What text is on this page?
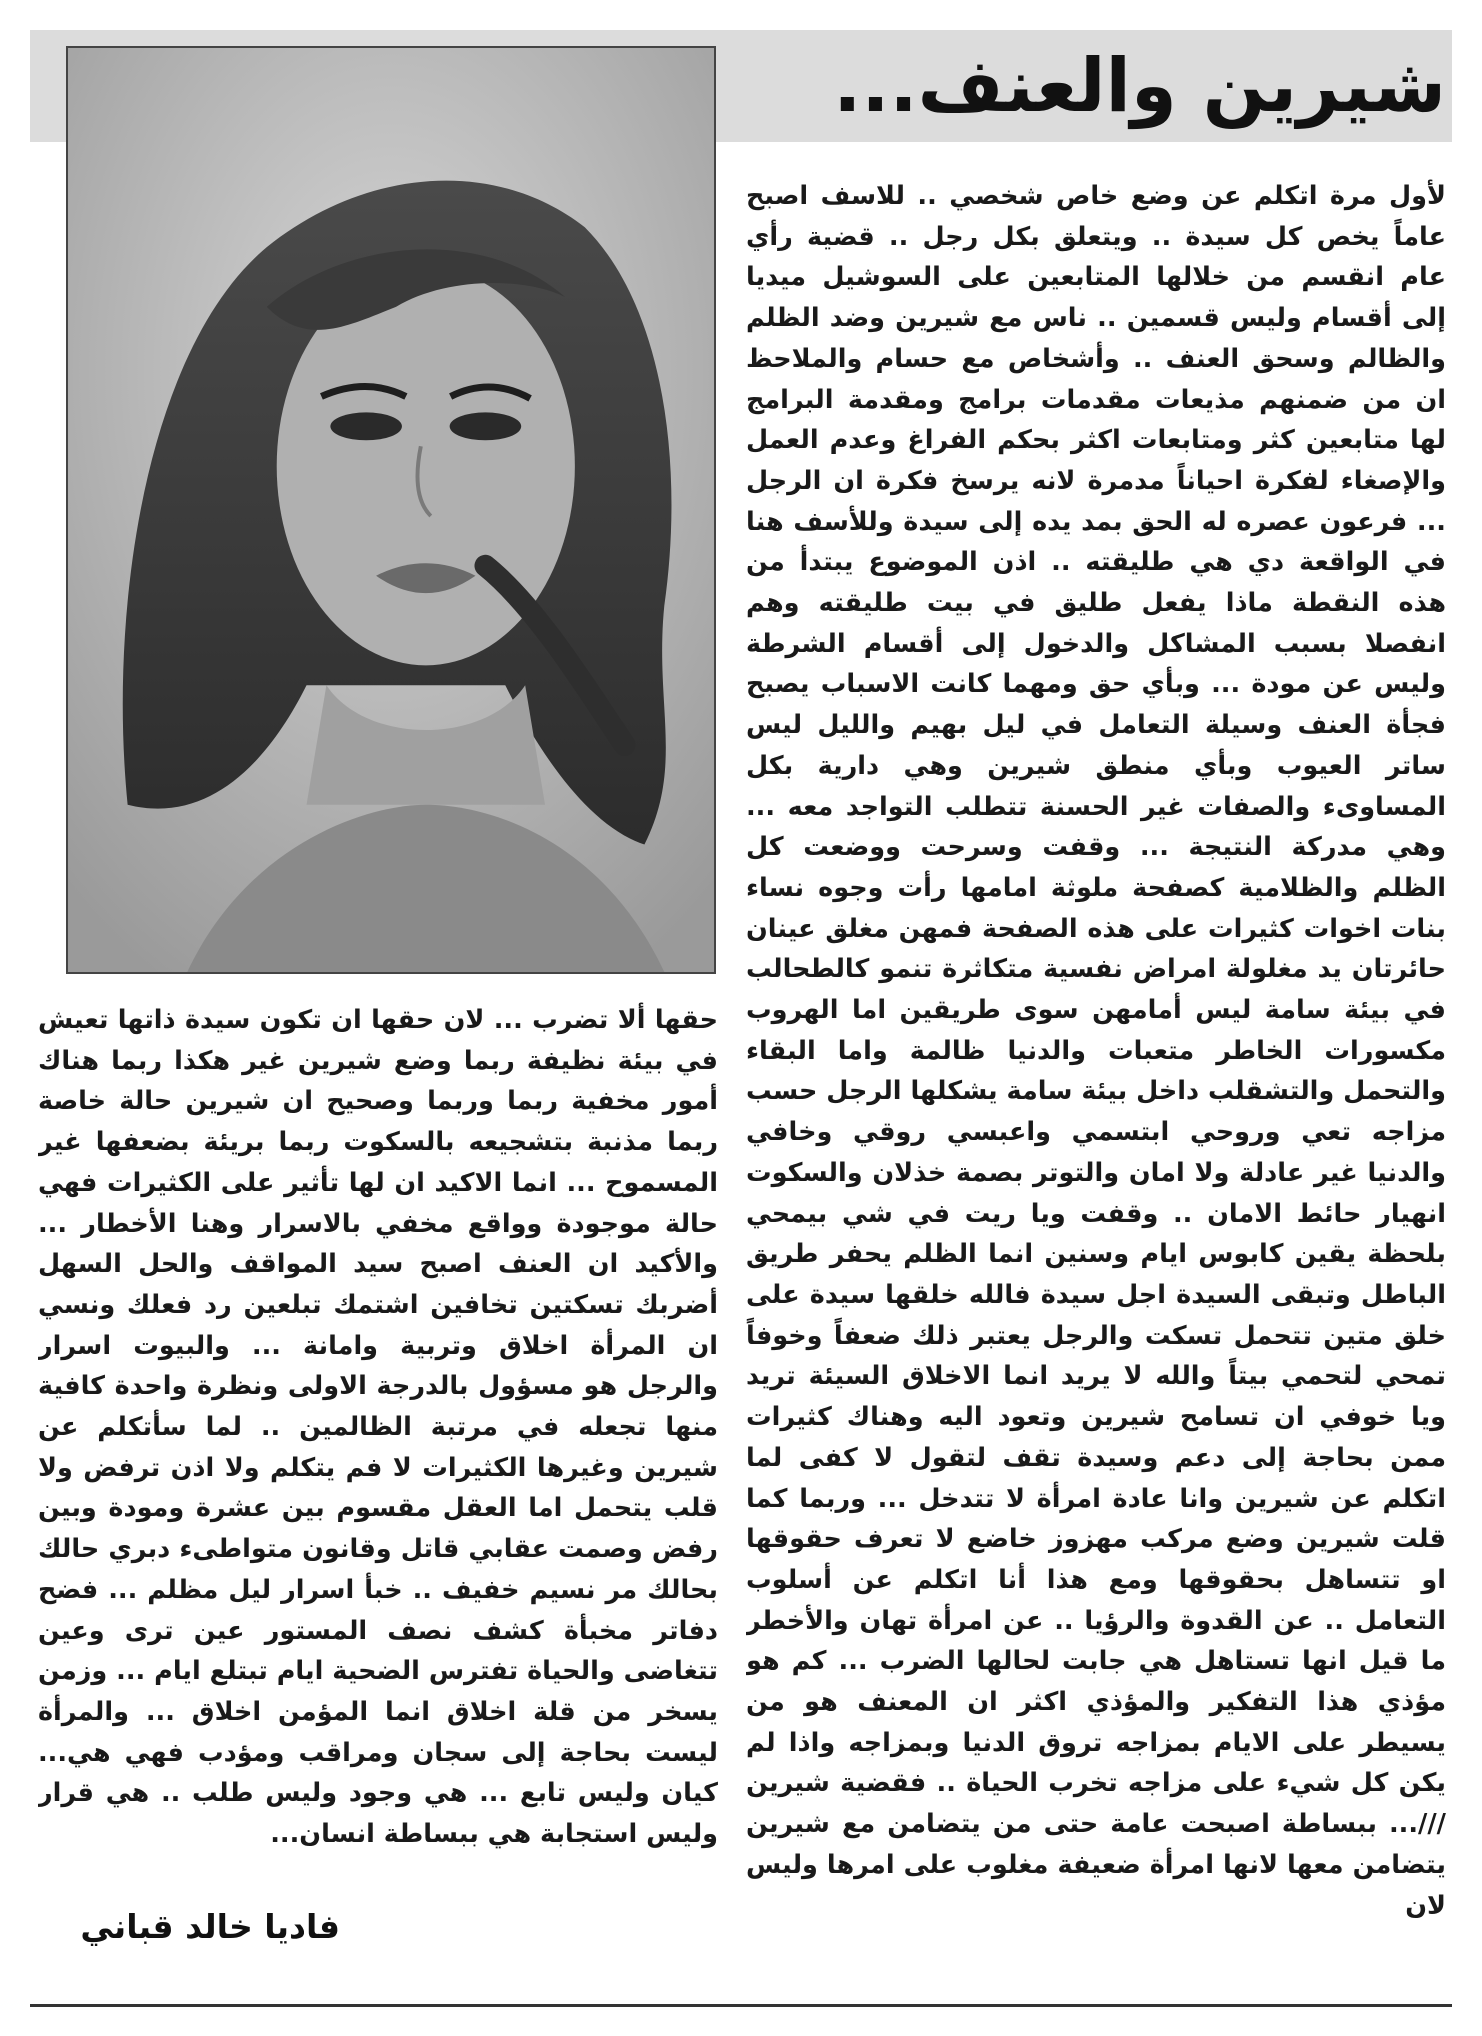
شيرين والعنف...

لأول مرة اتكلم عن وضع خاص شخصي .. للاسف اصبح عاماً يخص كل سيدة .. ويتعلق بكل رجل .. قضية رأي عام انقسم من خلالها المتابعين على السوشيل ميديا إلى أقسام وليس قسمين .. ناس مع شيرين وضد الظلم والظالم وسحق العنف .. وأشخاص مع حسام والملاحظ ان من ضمنهم مذيعات مقدمات برامج ومقدمة البرامج لها متابعين كثر ومتابعات اكثر بحكم الفراغ وعدم العمل والإصغاء لفكرة احياناً مدمرة لانه يرسخ فكرة ان الرجل ... فرعون عصره له الحق بمد يده إلى سيدة وللأسف هنا في الواقعة دي هي طليقته .. اذن الموضوع يبتدأ من هذه النقطة ماذا يفعل طليق في بيت طليقته وهم انفصلا بسبب المشاكل والدخول إلى أقسام الشرطة وليس عن مودة ... وبأي حق ومهما كانت الاسباب يصبح فجأة العنف وسيلة التعامل في ليل بهيم والليل ليس ساتر العيوب وبأي منطق شيرين وهي دارية بكل المساوىء والصفات غير الحسنة تتطلب التواجد معه ... وهي مدركة النتيجة ... وقفت وسرحت ووضعت كل الظلم والظلامية كصفحة ملوثة امامها رأت وجوه نساء بنات اخوات كثيرات على هذه الصفحة فمهن مغلق عينان حائرتان يد مغلولة امراض نفسية متكاثرة تنمو كالطحالب في بيئة سامة ليس أمامهن سوى طريقين اما الهروب مكسورات الخاطر متعبات والدنيا ظالمة واما البقاء والتحمل والتشقلب داخل بيئة سامة يشكلها الرجل حسب مزاجه تعي وروحي ابتسمي واعبسي روقي وخافي والدنيا غير عادلة ولا امان والتوتر بصمة خذلان والسكوت انهيار حائط الامان .. وقفت ويا ريت في شي بيمحي بلحظة يقين كابوس ايام وسنين انما الظلم يحفر طريق الباطل وتبقى السيدة اجل سيدة فالله خلقها سيدة على خلق متين تتحمل تسكت والرجل يعتبر ذلك ضعفاً وخوفاً تمحي لتحمي بيتاً والله لا يريد انما الاخلاق السيئة تريد ويا خوفي ان تسامح شيرين وتعود اليه وهناك كثيرات ممن بحاجة إلى دعم وسيدة تقف لتقول لا كفى لما اتكلم عن شيرين وانا عادة امرأة لا تتدخل ... وربما كما قلت شيرين وضع مركب مهزوز خاضع لا تعرف حقوقها او تتساهل بحقوقها ومع هذا أنا اتكلم عن أسلوب التعامل .. عن القدوة والرؤيا .. عن امرأة تهان والأخطر ما قيل انها تستاهل هي جابت لحالها الضرب ... كم هو مؤذي هذا التفكير والمؤذي اكثر ان المعنف هو من يسيطر على الايام بمزاجه تروق الدنيا وبمزاجه واذا لم يكن كل شيء على مزاجه تخرب الحياة .. فقضية شيرين ///... ببساطة اصبحت عامة حتى من يتضامن مع شيرين يتضامن معها لانها امرأة ضعيفة مغلوب على امرها وليس لان

حقها ألا تضرب ... لان حقها ان تكون سيدة ذاتها تعيش في بيئة نظيفة ربما وضع شيرين غير هكذا ربما هناك أمور مخفية ربما وربما وصحيح ان شيرين حالة خاصة ربما مذنبة بتشجيعه بالسكوت ربما بريئة بضعفها غير المسموح ... انما الاكيد ان لها تأثير على الكثيرات فهي حالة موجودة وواقع مخفي بالاسرار وهنا الأخطار ... والأكيد ان العنف اصبح سيد المواقف والحل السهل أضربك تسكتين تخافين اشتمك تبلعين رد فعلك ونسي ان المرأة اخلاق وتربية وامانة ... والبيوت اسرار والرجل هو مسؤول بالدرجة الاولى ونظرة واحدة كافية منها تجعله في مرتبة الظالمين .. لما سأتكلم عن شيرين وغيرها الكثيرات لا فم يتكلم ولا اذن ترفض ولا قلب يتحمل اما العقل مقسوم بين عشرة ومودة وبين رفض وصمت عقابي قاتل وقانون متواطىء دبري حالك بحالك مر نسيم خفيف .. خبأ اسرار ليل مظلم ... فضح دفاتر مخبأة كشف نصف المستور عين ترى وعين تتغاضى والحياة تفترس الضحية ايام تبتلع ايام ... وزمن يسخر من قلة اخلاق انما المؤمن اخلاق ... والمرأة ليست بحاجة إلى سجان ومراقب ومؤدب فهي هي... كيان وليس تابع ... هي وجود وليس طلب .. هي قرار وليس استجابة هي ببساطة انسان...

فاديا خالد قباني
